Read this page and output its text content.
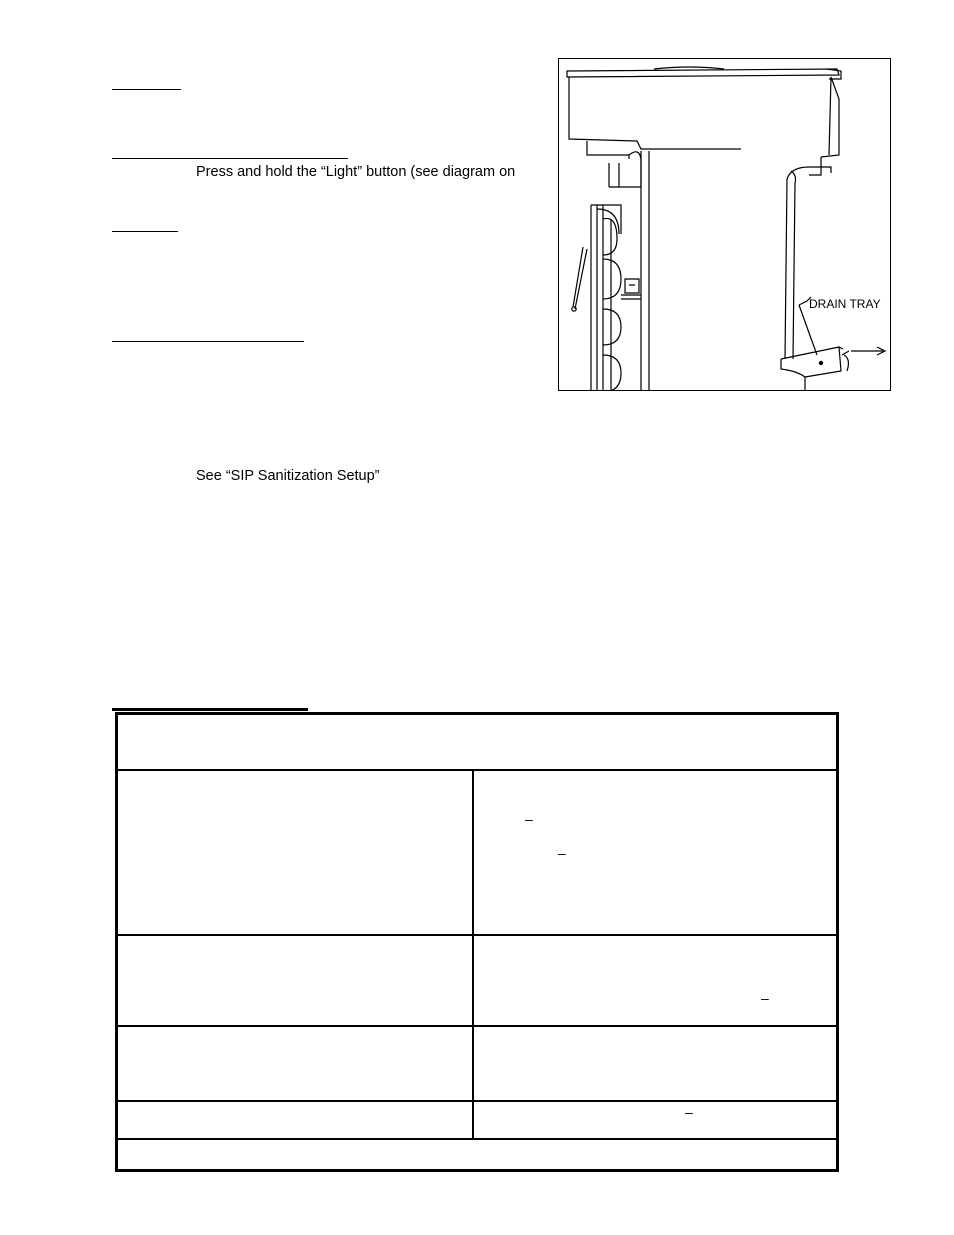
Press and hold the “Light” button (see diagram on
See “SIP Sanitization Setup”
DRAIN TRAY
–
–
–
–
